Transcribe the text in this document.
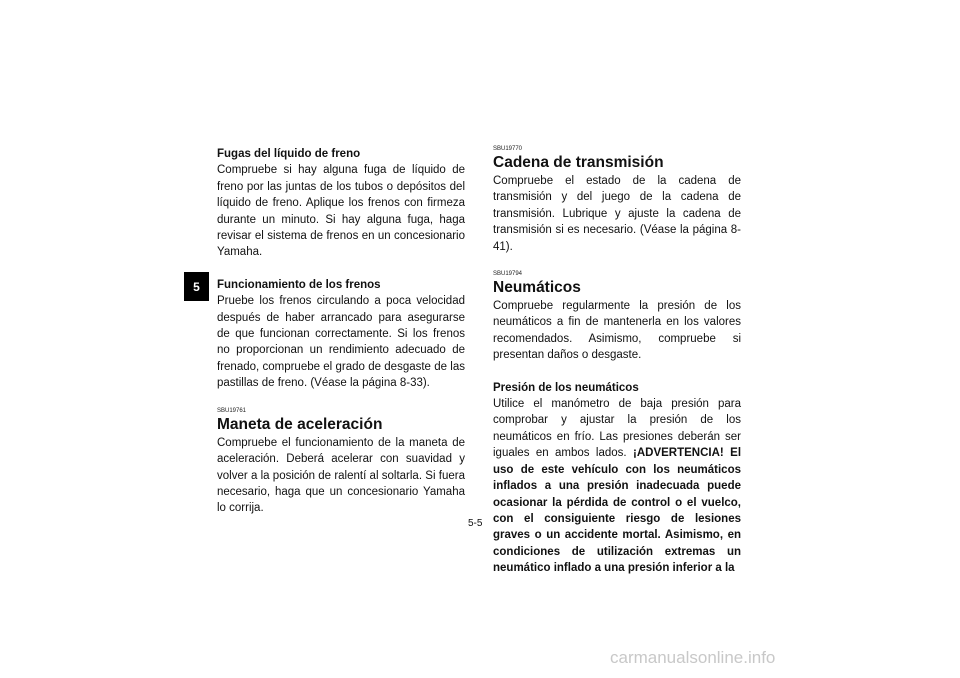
5
Fugas del líquido de freno

Compruebe si hay alguna fuga de líquido de freno por las juntas de los tubos o depósitos del líquido de freno. Aplique los frenos con firmeza durante un minuto. Si hay alguna fuga, haga revisar el sistema de frenos en un concesionario Yamaha.

Funcionamiento de los frenos

Pruebe los frenos circulando a poca velocidad después de haber arrancado para asegurarse de que funcionan correctamente. Si los frenos no proporcionan un rendimiento adecuado de frenado, compruebe el grado de desgaste de las pastillas de freno. (Véase la página 8-33).

SBU19761
Maneta de aceleración

Compruebe el funcionamiento de la maneta de aceleración. Deberá acelerar con suavidad y volver a la posición de ralentí al soltarla. Si fuera necesario, haga que un concesionario Yamaha lo corrija.

SBU19770
Cadena de transmisión

Compruebe el estado de la cadena de transmisión y del juego de la cadena de transmisión. Lubrique y ajuste la cadena de transmisión si es necesario. (Véase la página 8-41).

SBU19794
Neumáticos

Compruebe regularmente la presión de los neumáticos a fin de mantenerla en los valores recomendados. Asimismo, compruebe si presentan daños o desgaste.

Presión de los neumáticos

Utilice el manómetro de baja presión para comprobar y ajustar la presión de los neumáticos en frío. Las presiones deberán ser iguales en ambos lados. ¡ADVERTENCIA! El uso de este vehículo con los neumáticos inflados a una presión inadecuada puede ocasionar la pérdida de control o el vuelco, con el consiguiente riesgo de lesiones graves o un accidente mortal. Asimismo, en condiciones de utilización extremas un neumático inflado a una presión inferior a la

5-5
carmanualsonline.info
